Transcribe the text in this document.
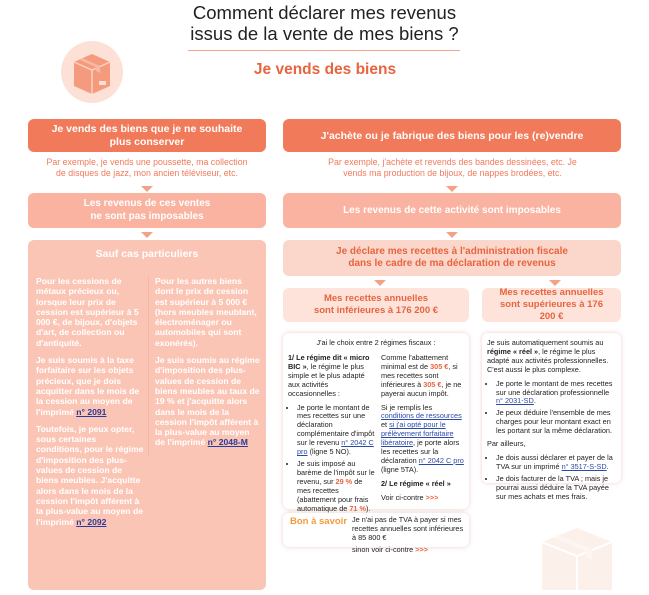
Comment déclarer mes revenus
issus de la vente de mes biens ?
Je vends des biens
Je vends des biens que je ne souhaite plus conserver
Par exemple, je vends une poussette, ma collection de disques de jazz, mon ancien téléviseur, etc.
Les revenus de ces ventes ne sont pas imposables
Sauf cas particuliers

Pour les cessions de métaux précieux ou, lorsque leur prix de cession est supérieur à 5 000 €, de bijoux, d'objets d'art, de collection ou d'antiquité.

Je suis soumis à la taxe forfaitaire sur les objets précieux, que je dois acquitter dans le mois de la cession au moyen de l'imprimé n° 2091

Toutefois, je peux opter, sous certaines conditions, pour le régime d'imposition des plus-values de cession de biens meubles. J'acquitte alors dans le mois de la cession l'impôt afférent à la plus-value au moyen de l'imprimé n° 2092

Pour les autres biens dont le prix de cession est supérieur à 5 000 € (hors meubles meublant, électroménager ou automobiles qui sont exonérés).

Je suis soumis au régime d'imposition des plus-values de cession de biens meubles au taux de 19 % et j'acquitte alors dans le mois de la cession l'impôt afférent à la plus-value au moyen de l'imprimé n° 2048-M

J'achète ou je fabrique des biens pour les (re)vendre
Par exemple, j'achète et revends des bandes dessinées, etc. Je vends ma production de bijoux, de nappes brodées, etc.
Les revenus de cette activité sont imposables
Je déclare mes recettes à l'administration fiscale dans le cadre de ma déclaration de revenus
Mes recettes annuelles sont inférieures à 176 200 €
Mes recettes annuelles sont supérieures à 176 200 €
J'ai le choix entre 2 régimes fiscaux :

1/ Le régime dit « micro BIC », le régime le plus simple et le plus adapté aux activités occasionnelles :

• Je porte le montant de mes recettes sur une déclaration complémentaire d'impôt sur le revenu n° 2042 C pro (ligne 5 NO).
• Je suis imposé au barème de l'impôt sur le revenu, sur 29 % de mes recettes (abattement pour frais automatique de 71 %).

Comme l'abattement minimal est de 305 €, si mes recettes sont inférieures à 305 €, je ne payerai aucun impôt.

Si je remplis les conditions de ressources et si j'ai opté pour le prélèvement forfaitaire libératoire, je porte alors les recettes sur la déclaration n° 2042 C pro (ligne 5TA).

2/ Le régime « réel »

Voir ci-contre >>>

Bon à savoir Je n'ai pas de TVA à payer si mes recettes annuelles sont inférieures à 85 800 €
sinon voir ci-contre >>>

Je suis automatiquement soumis au régime « réel », le régime le plus adapté aux activités professionnelles. C'est aussi le plus complexe.

• Je porte le montant de mes recettes sur une déclaration professionnelle n° 2031-SD.
• Je peux déduire l'ensemble de mes charges pour leur montant exact en les portant sur la même déclaration.

Par ailleurs,

• Je dois aussi déclarer et payer de la TVA sur un imprimé n° 3517-S-SD.
• Je dois facturer de la TVA ; mais je pourrai aussi déduire la TVA payée sur mes achats et mes frais.
